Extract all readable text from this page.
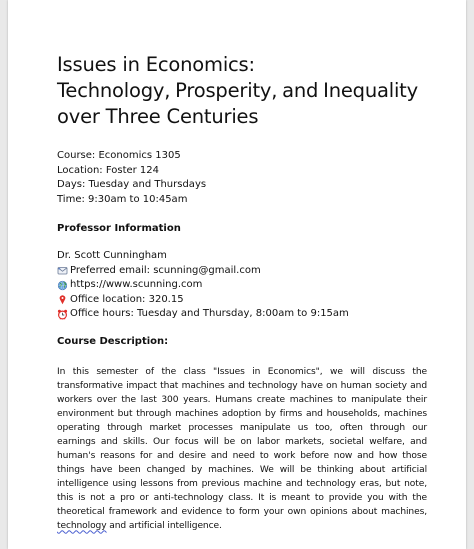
Issues in Economics:
Technology, Prosperity, and Inequality
over Three Centuries
Course: Economics 1305
Location: Foster 124
Days: Tuesday and Thursdays
Time: 9:30am to 10:45am
Professor Information
Dr. Scott Cunningham
Preferred email: scunning@gmail.com
https://www.scunning.com
Office location: 320.15
Office hours: Tuesday and Thursday, 8:00am to 9:15am
Course Description:

In this semester of the class "Issues in Economics", we will discuss the transformative impact that machines and technology have on human society and workers over the last 300 years. Humans create machines to manipulate their environment but through machines adoption by firms and households, machines operating through market processes manipulate us too, often through our earnings and skills. Our focus will be on labor markets, societal welfare, and human's reasons for and desire and need to work before now and how those things have been changed by machines. We will be thinking about artificial intelligence using lessons from previous machine and technology eras, but note, this is not a pro or anti-technology class. It is meant to provide you with the theoretical framework and evidence to form your own opinions about machines, technology and artificial intelligence.
